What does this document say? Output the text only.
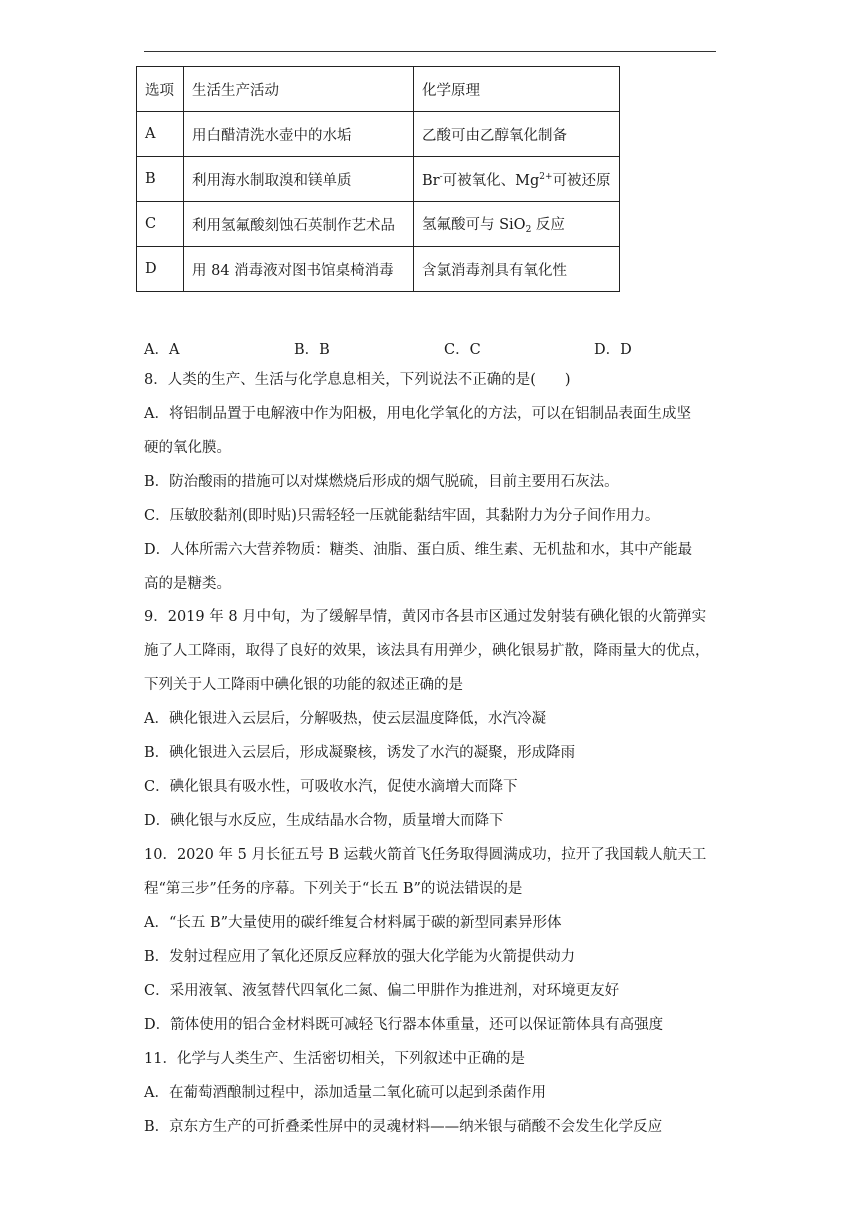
选项	生活生产活动	化学原理
A	用白醋清洗水壶中的水垢	乙酸可由乙醇氧化制备
B	利用海水制取溴和镁单质	Br-可被氧化、$Mg^{2+}$可被还原
C	利用氢氟酸刻蚀石英制作艺术品	氢氟酸可与 SiO$_2$ 反应
D	用 84 消毒液对图书馆桌椅消毒	含氯消毒剂具有氧化性
A．A	B．B	C．C	D．D
8．人类的生产、生活与化学息息相关，下列说法不正确的是(　　)
A．将铝制品置于电解液中作为阳极，用电化学氧化的方法，可以在铝制品表面生成坚
硬的氧化膜。
B．防治酸雨的措施可以对煤燃烧后形成的烟气脱硫，目前主要用石灰法。
C．压敏胶黏剂(即时贴)只需轻轻一压就能黏结牢固，其黏附力为分子间作用力。
D．人体所需六大营养物质：糖类、油脂、蛋白质、维生素、无机盐和水，其中产能最
高的是糖类。
9．2019 年 8 月中旬，为了缓解旱情，黄冈市各县市区通过发射装有碘化银的火箭弹实
施了人工降雨，取得了良好的效果，该法具有用弹少，碘化银易扩散，降雨量大的优点，
下列关于人工降雨中碘化银的功能的叙述正确的是
A．碘化银进入云层后，分解吸热，使云层温度降低，水汽冷凝
B．碘化银进入云层后，形成凝聚核，诱发了水汽的凝聚，形成降雨
C．碘化银具有吸水性，可吸收水汽，促使水滴增大而降下
D．碘化银与水反应，生成结晶水合物，质量增大而降下
10．2020 年 5 月长征五号 B 运载火箭首飞任务取得圆满成功，拉开了我国载人航天工
程“第三步”任务的序幕。下列关于“长五 B”的说法错误的是
A．“长五 B”大量使用的碳纤维复合材料属于碳的新型同素异形体
B．发射过程应用了氧化还原反应释放的强大化学能为火箭提供动力
C．采用液氧、液氢替代四氧化二氮、偏二甲肼作为推进剂，对环境更友好
D．箭体使用的铝合金材料既可减轻飞行器本体重量，还可以保证箭体具有高强度
11．化学与人类生产、生活密切相关，下列叙述中正确的是
A．在葡萄酒酿制过程中，添加适量二氧化硫可以起到杀菌作用
B．京东方生产的可折叠柔性屏中的灵魂材料——纳米银与硝酸不会发生化学反应
